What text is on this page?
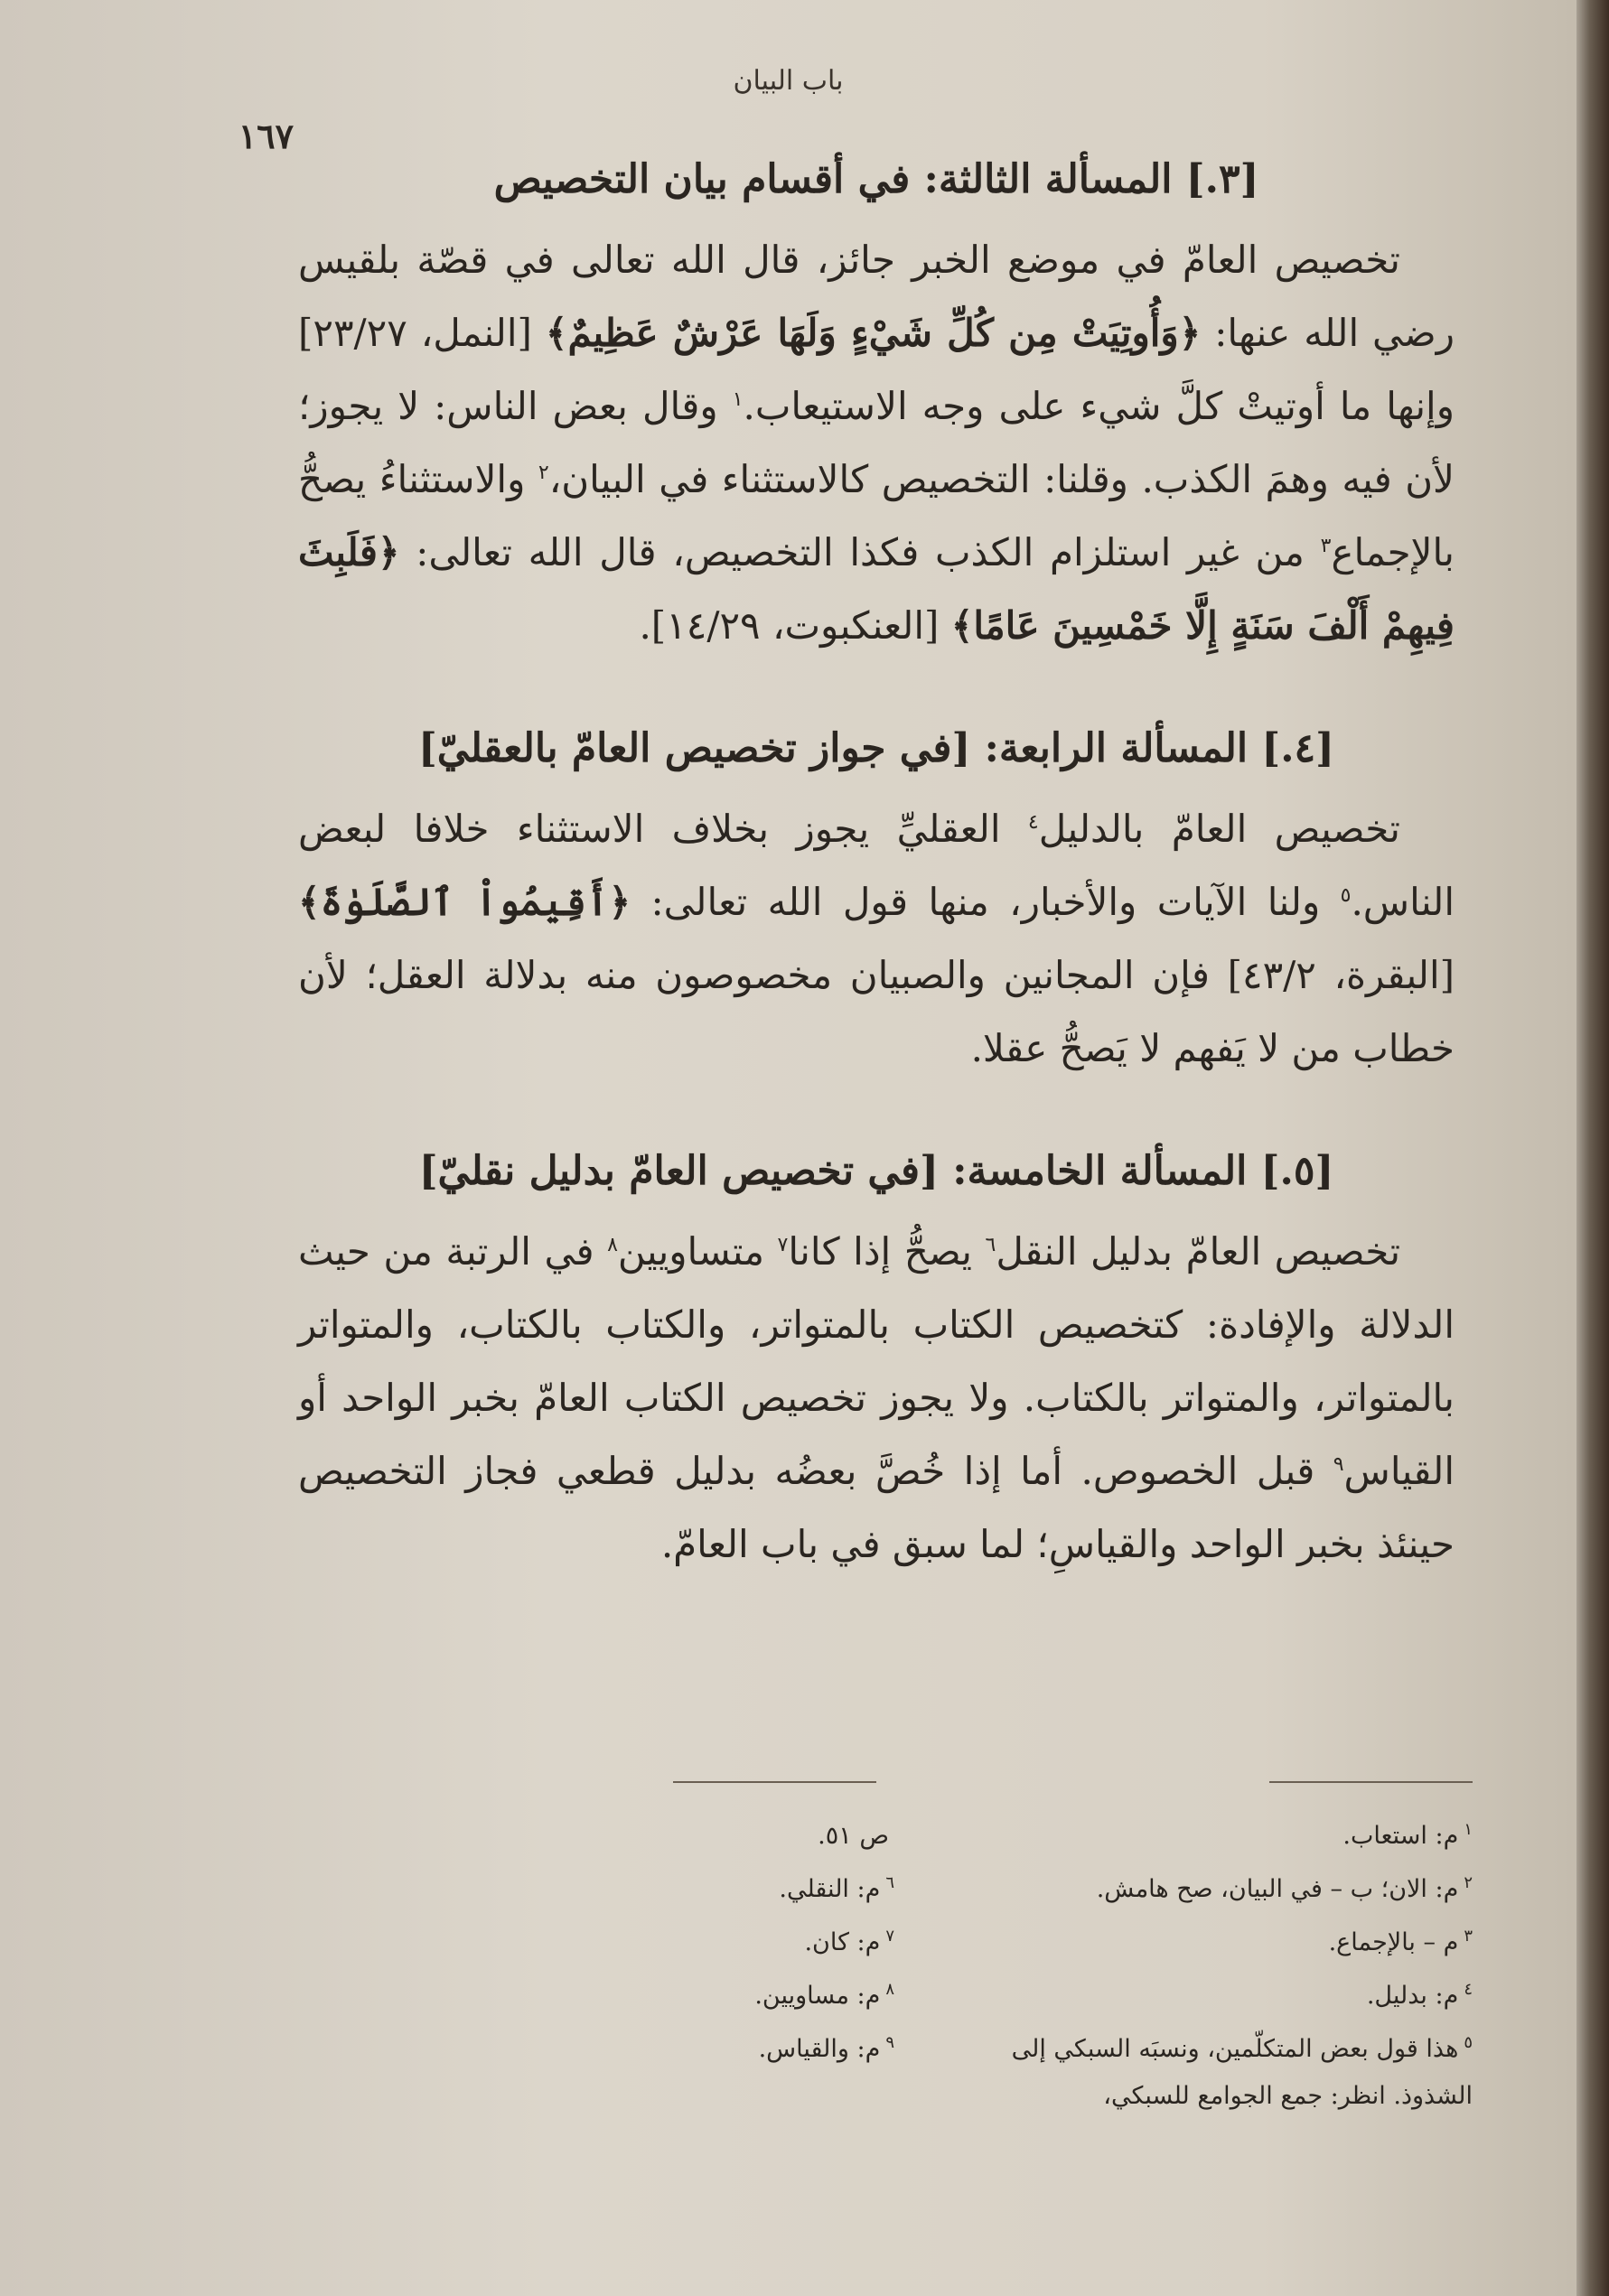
باب البيان
١٦٧
[٣.] المسألة الثالثة: في أقسام بيان التخصيص

تخصيص العامّ في موضع الخبر جائز، قال الله تعالى في قصّة بلقيس رضي الله عنها: ﴿وَأُوتِيَتْ مِن كُلِّ شَيْءٍ وَلَهَا عَرْشٌ عَظِيمٌ﴾ [النمل، ٢٣/٢٧] وإنها ما أوتيتْ كلَّ شيء على وجه الاستيعاب.$^١$ وقال بعض الناس: لا يجوز؛ لأن فيه وهمَ الكذب. وقلنا: التخصيص كالاستثناء في البيان،$^٢$ والاستثناءُ يصحُّ بالإجماع$^٣$ من غير استلزام الكذب فكذا التخصيص، قال الله تعالى: ﴿فَلَبِثَ فِيهِمْ أَلْفَ سَنَةٍ إِلَّا خَمْسِينَ عَامًا﴾ [العنكبوت، ١٤/٢٩].

[٤.] المسألة الرابعة: [في جواز تخصيص العامّ بالعقليّ]

تخصيص العامّ بالدليل$^٤$ العقليِّ يجوز بخلاف الاستثناء خلافا لبعض الناس.$^٥$ ولنا الآيات والأخبار، منها قول الله تعالى: ﴿أَقِيمُواْ ٱلصَّلَوٰةَ﴾ [البقرة، ٤٣/٢] فإن المجانين والصبيان مخصوصون منه بدلالة العقل؛ لأن خطاب من لا يَفهم لا يَصحُّ عقلا.

[٥.] المسألة الخامسة: [في تخصيص العامّ بدليل نقليّ]

تخصيص العامّ بدليل النقل$^٦$ يصحُّ إذا كانا$^٧$ متساويين$^٨$ في الرتبة من حيث الدلالة والإفادة: كتخصيص الكتاب بالمتواتر، والكتاب بالكتاب، والمتواتر بالمتواتر، والمتواتر بالكتاب. ولا يجوز تخصيص الكتاب العامّ بخبر الواحد أو القياس$^٩$ قبل الخصوص. أما إذا خُصَّ بعضُه بدليل قطعي فجاز التخصيص حينئذ بخبر الواحد والقياسِ؛ لما سبق في باب العامّ.

$^١$م: استعاب.

$^٢$م: الان؛ ب – في البيان، صح هامش.

$^٣$م – بالإجماع.

$^٤$م: بدليل.

$^٥$هذا قول بعض المتكلّمين، ونسبَه السبكي إلى الشذوذ. انظر: جمع الجوامع للسبكي،

ص ٥١.

$^٦$م: النقلي.

$^٧$م: كان.

$^٨$م: مساويين.

$^٩$م: والقياس.
